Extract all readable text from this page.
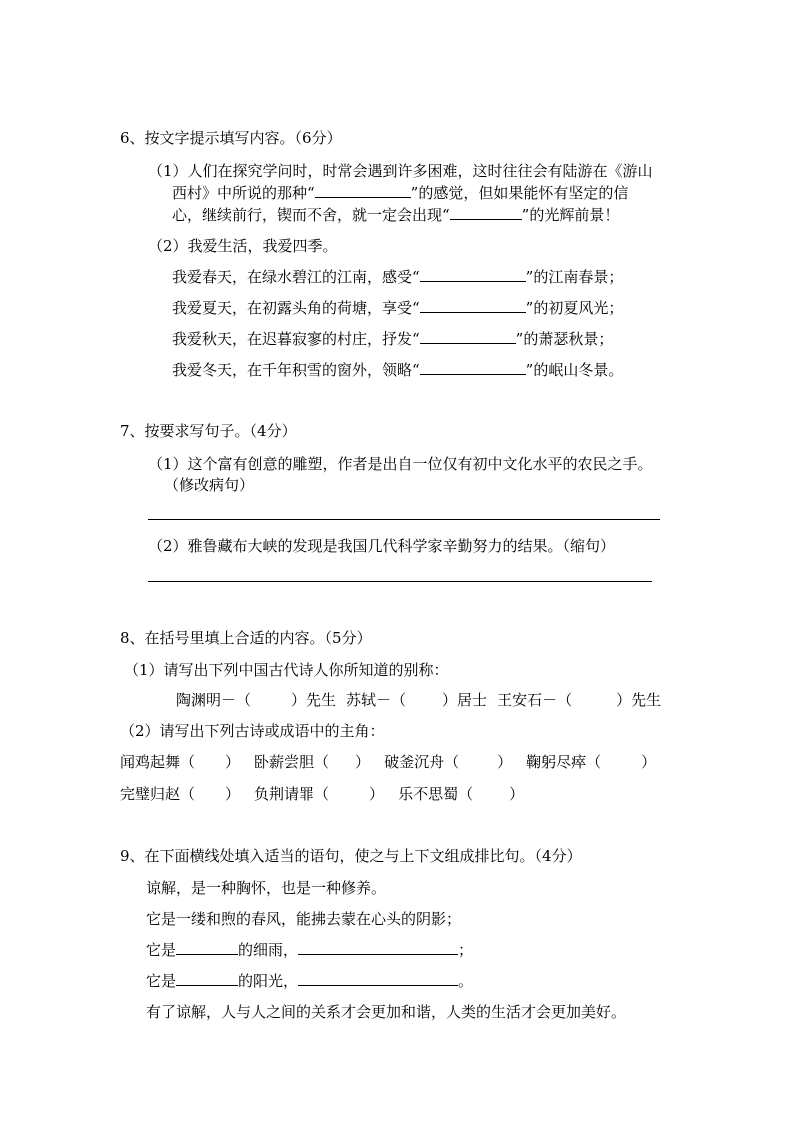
6、按文字提示填写内容。（6分）
（1）人们在探究学问时，时常会遇到许多困难，这时往往会有陆游在《游山
西村》中所说的那种“	”的感觉，但如果能怀有坚定的信
心，继续前行，锲而不舍，就一定会出现“	”的光辉前景！
（2）我爱生活，我爱四季。
我爱春天，在绿水碧江的江南，感受“	”的江南春景；
我爱夏天，在初露头角的荷塘，享受“	”的初夏风光；
我爱秋天，在迟暮寂寥的村庄，抒发“	”的萧瑟秋景；
我爱冬天，在千年积雪的窗外，领略“	”的岷山冬景。
7、按要求写句子。（4分）
（1）这个富有创意的雕塑，作者是出自一位仅有初中文化水平的农民之手。
（修改病句）
（2）雅鲁藏布大峡的发现是我国几代科学家辛勤努力的结果。（缩句）
8、在括号里填上合适的内容。（5分）
（1）请写出下列中国古代诗人你所知道的别称：
陶渊明－（	）先生 苏轼－（ ）居士 王安石－（	）先生
（2）请写出下列古诗或成语中的主角：
闻鸡起舞（ ） 卧薪尝胆（ ） 破釜沉舟（	） 鞠躬尽瘁（	）
完璧归赵（ ） 负荆请罪（	） 乐不思蜀（ ）
9、在下面横线处填入适当的语句，使之与上下文组成排比句。（4分）
谅解，是一种胸怀，也是一种修养。
它是一缕和煦的春风，能拂去蒙在心头的阴影；
它是	的细雨，	；
它是	的阳光，	。
有了谅解，人与人之间的关系才会更加和谐，人类的生活才会更加美好。
